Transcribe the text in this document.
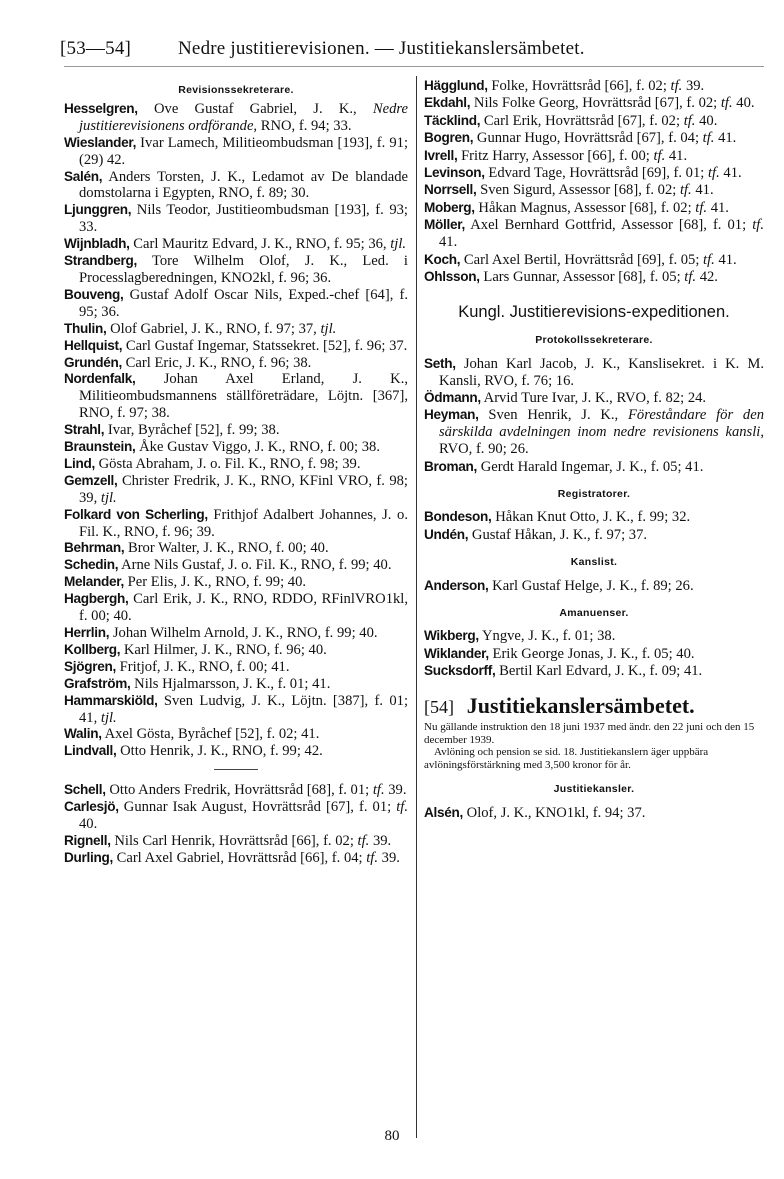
[53—54] Nedre justitierevisionen. — Justitiekanslersämbetet.
Revisionssekreterare.

Hesselgren, Ove Gustaf Gabriel, J. K., Nedre justitierevisionens ordförande, RNO, f. 94; 33.

Wieslander, Ivar Lamech, Militieombudsman [193], f. 91; (29) 42.

Salén, Anders Torsten, J. K., Ledamot av De blandade domstolarna i Egypten, RNO, f. 89; 30.

Ljunggren, Nils Teodor, Justitieombudsman [193], f. 93; 33.

Wijnbladh, Carl Mauritz Edvard, J. K., RNO, f. 95; 36, tjl.

Strandberg, Tore Wilhelm Olof, J. K., Led. i Processlagberedningen, KNO2kl, f. 96; 36.

Bouveng, Gustaf Adolf Oscar Nils, Exped.-chef [64], f. 95; 36.

Thulin, Olof Gabriel, J. K., RNO, f. 97; 37, tjl.

Hellquist, Carl Gustaf Ingemar, Statssekret. [52], f. 96; 37.

Grundén, Carl Eric, J. K., RNO, f. 96; 38.

Nordenfalk, Johan Axel Erland, J. K., Militieombudsmannens ställföreträdare, Löjtn. [367], RNO, f. 97; 38.

Strahl, Ivar, Byråchef [52], f. 99; 38.

Braunstein, Åke Gustav Viggo, J. K., RNO, f. 00; 38.

Lind, Gösta Abraham, J. o. Fil. K., RNO, f. 98; 39.

Gemzell, Christer Fredrik, J. K., RNO, KFinl VRO, f. 98; 39, tjl.

Folkard von Scherling, Frithjof Adalbert Johannes, J. o. Fil. K., RNO, f. 96; 39.

Behrman, Bror Walter, J. K., RNO, f. 00; 40.

Schedin, Arne Nils Gustaf, J. o. Fil. K., RNO, f. 99; 40.

Melander, Per Elis, J. K., RNO, f. 99; 40.

Hagbergh, Carl Erik, J. K., RNO, RDDO, RFinlVRO1kl, f. 00; 40.

Herrlin, Johan Wilhelm Arnold, J. K., RNO, f. 99; 40.

Kollberg, Karl Hilmer, J. K., RNO, f. 96; 40.

Sjögren, Fritjof, J. K., RNO, f. 00; 41.

Grafström, Nils Hjalmarsson, J. K., f. 01; 41.

Hammarskiöld, Sven Ludvig, J. K., Löjtn. [387], f. 01; 41, tjl.

Walin, Axel Gösta, Byråchef [52], f. 02; 41.

Lindvall, Otto Henrik, J. K., RNO, f. 99; 42.

Schell, Otto Anders Fredrik, Hovrättsråd [68], f. 01; tf. 39.

Carlesjö, Gunnar Isak August, Hovrättsråd [67], f. 01; tf. 40.

Rignell, Nils Carl Henrik, Hovrättsråd [66], f. 02; tf. 39.

Durling, Carl Axel Gabriel, Hovrättsråd [66], f. 04; tf. 39.

Hägglund, Folke, Hovrättsråd [66], f. 02; tf. 39.

Ekdahl, Nils Folke Georg, Hovrättsråd [67], f. 02; tf. 40.

Täcklind, Carl Erik, Hovrättsråd [67], f. 02; tf. 40.

Bogren, Gunnar Hugo, Hovrättsråd [67], f. 04; tf. 41.

Ivrell, Fritz Harry, Assessor [66], f. 00; tf. 41.

Levinson, Edvard Tage, Hovrättsråd [69], f. 01; tf. 41.

Norrsell, Sven Sigurd, Assessor [68], f. 02; tf. 41.

Moberg, Håkan Magnus, Assessor [68], f. 02; tf. 41.

Möller, Axel Bernhard Gottfrid, Assessor [68], f. 01; tf. 41.

Koch, Carl Axel Bertil, Hovrättsråd [69], f. 05; tf. 41.

Ohlsson, Lars Gunnar, Assessor [68], f. 05; tf. 42.

Kungl. Justitierevisions-expeditionen.
Protokollssekreterare.

Seth, Johan Karl Jacob, J. K., Kanslisekret. i K. M. Kansli, RVO, f. 76; 16.

Ödmann, Arvid Ture Ivar, J. K., RVO, f. 82; 24.

Heyman, Sven Henrik, J. K., Föreståndare för den särskilda avdelningen inom nedre revisionens kansli, RVO, f. 90; 26.

Broman, Gerdt Harald Ingemar, J. K., f. 05; 41.

Registratorer.

Bondeson, Håkan Knut Otto, J. K., f. 99; 32.

Undén, Gustaf Håkan, J. K., f. 97; 37.

Kanslist.

Anderson, Karl Gustaf Helge, J. K., f. 89; 26.

Amanuenser.

Wikberg, Yngve, J. K., f. 01; 38.

Wiklander, Erik George Jonas, J. K., f. 05; 40.

Sucksdorff, Bertil Karl Edvard, J. K., f. 09; 41.

[54] Justitiekanslersämbetet.

Nu gällande instruktion den 18 juni 1937 med ändr. den 22 juni och den 15 december 1939.

Avlöning och pension se sid. 18. Justitiekanslern äger uppbära avlöningsförstärkning med 3,500 kronor för år.

Justitiekansler.

Alsén, Olof, J. K., KNO1kl, f. 94; 37.

80
